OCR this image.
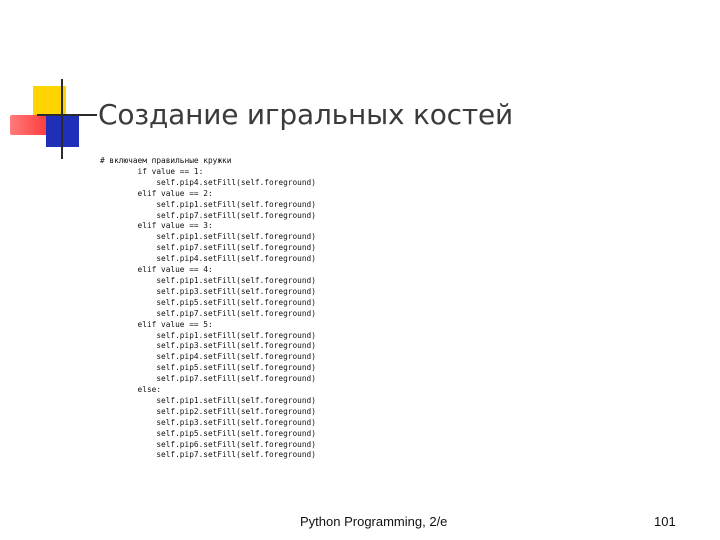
Создание игральных костей
# включаем правильные кружки
if value == 1:
self.pip4.setFill(self.foreground)
elif value == 2:
self.pip1.setFill(self.foreground)
self.pip7.setFill(self.foreground)
elif value == 3:
self.pip1.setFill(self.foreground)
self.pip7.setFill(self.foreground)
self.pip4.setFill(self.foreground)
elif value == 4:
self.pip1.setFill(self.foreground)
self.pip3.setFill(self.foreground)
self.pip5.setFill(self.foreground)
self.pip7.setFill(self.foreground)
elif value == 5:
self.pip1.setFill(self.foreground)
self.pip3.setFill(self.foreground)
self.pip4.setFill(self.foreground)
self.pip5.setFill(self.foreground)
self.pip7.setFill(self.foreground)
else:
self.pip1.setFill(self.foreground)
self.pip2.setFill(self.foreground)
self.pip3.setFill(self.foreground)
self.pip5.setFill(self.foreground)
self.pip6.setFill(self.foreground)
self.pip7.setFill(self.foreground)
Python Programming, 2/e	101
